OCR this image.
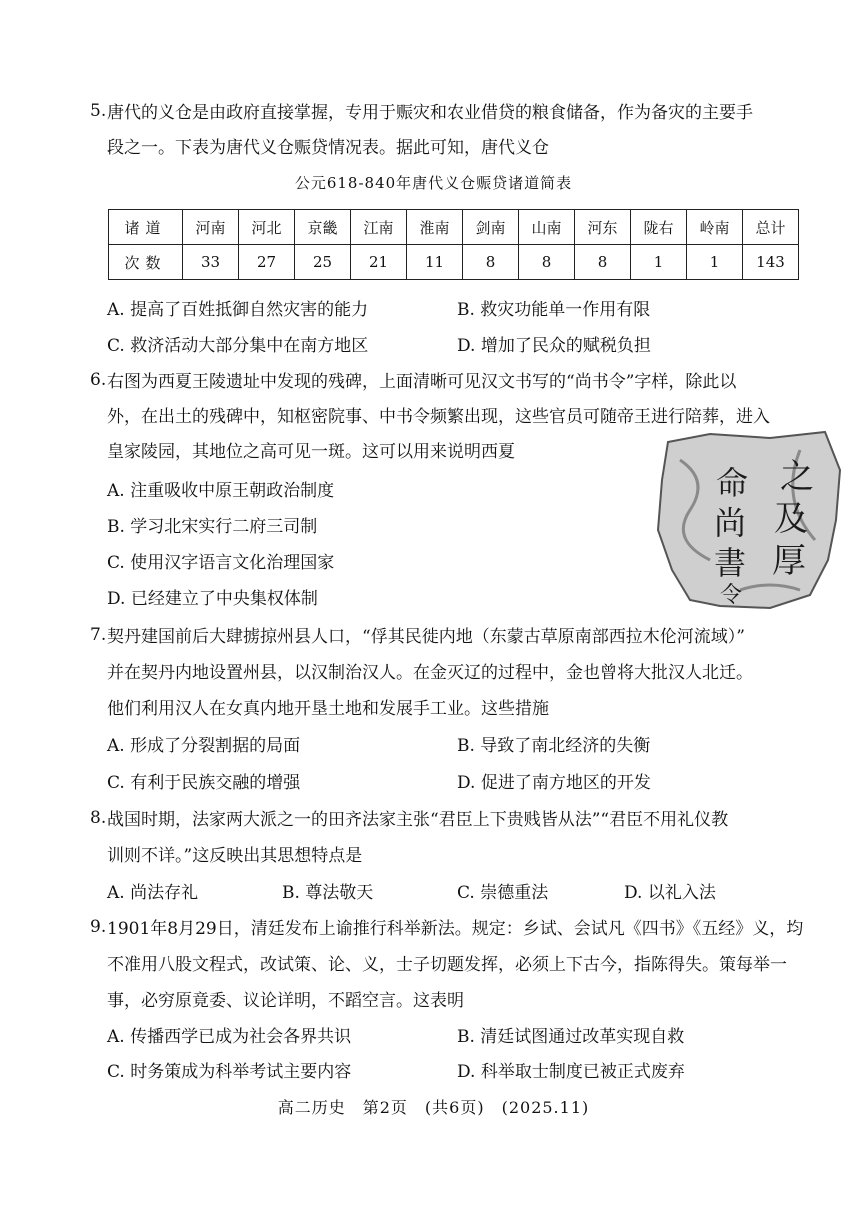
5. 唐代的义仓是由政府直接掌握，专用于赈灾和农业借贷的粮食储备，作为备灾的主要手
段之一。下表为唐代义仓赈贷情况表。据此可知，唐代义仓
公元618-840年唐代义仓赈贷诸道简表
诸道	河南	河北	京畿	江南	淮南	剑南	山南	河东	陇右	岭南	总计
次数	33	27	25	21	11	8	8	8	1	1	143
A. 提高了百姓抵御自然灾害的能力	B. 救灾功能单一作用有限
C. 救济活动大部分集中在南方地区	D. 增加了民众的赋税负担
6. 右图为西夏王陵遗址中发现的残碑，上面清晰可见汉文书写的“尚书令”字样，除此以
外，在出土的残碑中，知枢密院事、中书令频繁出现，这些官员可随帝王进行陪葬，进入
皇家陵园，其地位之高可见一斑。这可以用来说明西夏
A. 注重吸收中原王朝政治制度
B. 学习北宋实行二府三司制
C. 使用汉字语言文化治理国家
D. 已经建立了中央集权体制
之
及
厚
命
尚
書
令
7. 契丹建国前后大肆掳掠州县人口，“俘其民徙内地（东蒙古草原南部西拉木伦河流域）”
并在契丹内地设置州县，以汉制治汉人。在金灭辽的过程中，金也曾将大批汉人北迁。
他们利用汉人在女真内地开垦土地和发展手工业。这些措施
A. 形成了分裂割据的局面	B. 导致了南北经济的失衡
C. 有利于民族交融的增强	D. 促进了南方地区的开发
8. 战国时期，法家两大派之一的田齐法家主张“君臣上下贵贱皆从法”“君臣不用礼仪教
训则不详。”这反映出其思想特点是
A. 尚法存礼	B. 尊法敬天	C. 崇德重法	D. 以礼入法
9. 1901年8月29日，清廷发布上谕推行科举新法。规定：乡试、会试凡《四书》《五经》义，均
不准用八股文程式，改试策、论、义，士子切题发挥，必须上下古今，指陈得失。策每举一
事，必穷原竟委、议论详明，不蹈空言。这表明
A. 传播西学已成为社会各界共识	B. 清廷试图通过改革实现自救
C. 时务策成为科举考试主要内容	D. 科举取士制度已被正式废弃
高二历史　第2页　(共6页)　(2025.11)
